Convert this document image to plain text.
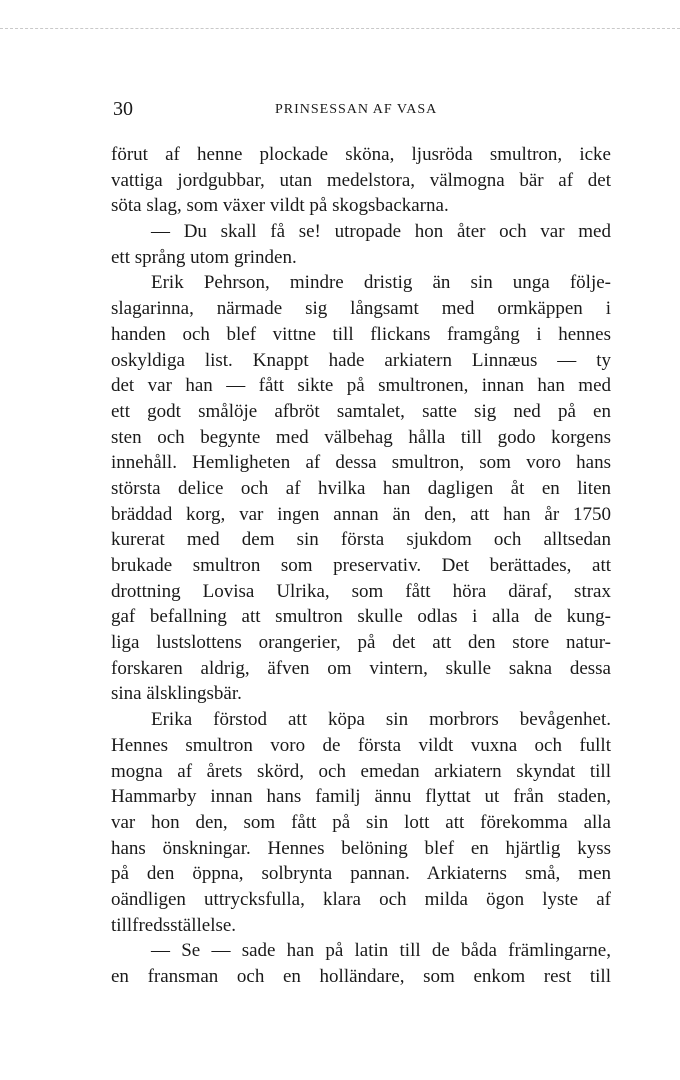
30	PRINSESSAN AF VASA
förut af henne plockade sköna, ljusröda smultron, icke
vattiga jordgubbar, utan medelstora, välmogna bär af det
söta slag, som växer vildt på skogsbackarna.
— Du skall få se! utropade hon åter och var med
ett språng utom grinden.
Erik Pehrson, mindre dristig än sin unga följe-
slagarinna, närmade sig långsamt med ormkäppen i
handen och blef vittne till flickans framgång i hennes
oskyldiga list. Knappt hade arkiatern Linnæus — ty
det var han — fått sikte på smultronen, innan han med
ett godt smålöje afbröt samtalet, satte sig ned på en
sten och begynte med välbehag hålla till godo korgens
innehåll. Hemligheten af dessa smultron, som voro hans
största delice och af hvilka han dagligen åt en liten
bräddad korg, var ingen annan än den, att han år 1750
kurerat med dem sin första sjukdom och alltsedan
brukade smultron som preservativ. Det berättades, att
drottning Lovisa Ulrika, som fått höra däraf, strax
gaf befallning att smultron skulle odlas i alla de kung-
liga lustslottens orangerier, på det att den store natur-
forskaren aldrig, äfven om vintern, skulle sakna dessa
sina älsklingsbär.
Erika förstod att köpa sin morbrors bevågenhet.
Hennes smultron voro de första vildt vuxna och fullt
mogna af årets skörd, och emedan arkiatern skyndat till
Hammarby innan hans familj ännu flyttat ut från staden,
var hon den, som fått på sin lott att förekomma alla
hans önskningar. Hennes belöning blef en hjärtlig kyss
på den öppna, solbrynta pannan. Arkiaterns små, men
oändligen uttrycksfulla, klara och milda ögon lyste af
tillfredsställelse.
— Se — sade han på latin till de båda främlingarne,
en fransman och en holländare, som enkom rest till
